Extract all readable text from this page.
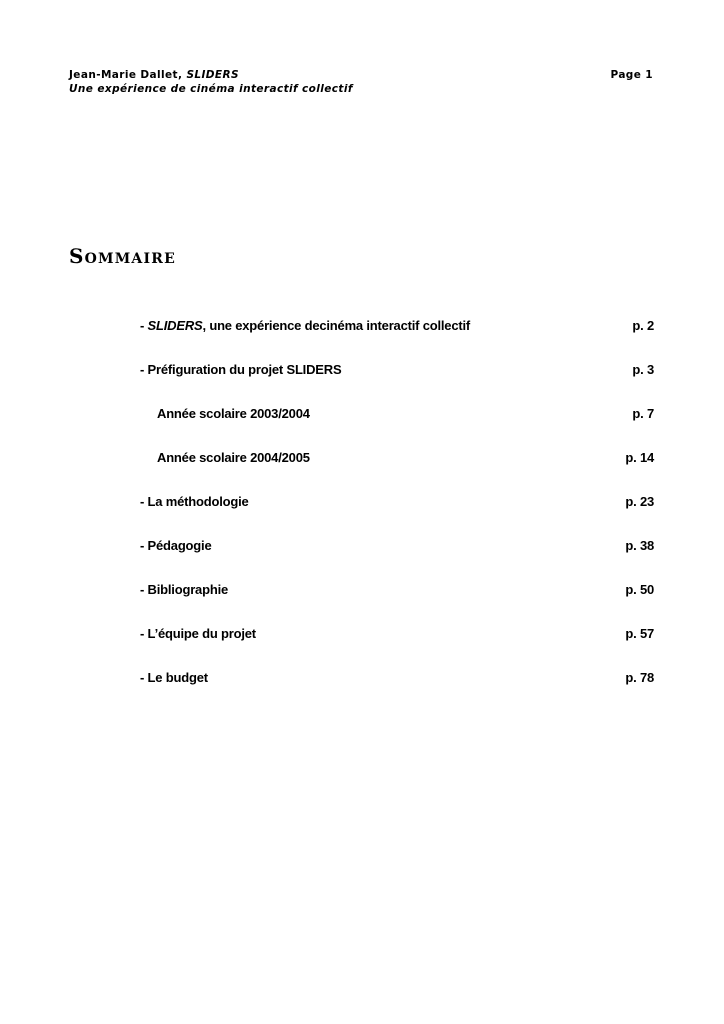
Jean-Marie Dallet, SLIDERS
Une expérience de cinéma interactif collectif
Page 1
Sommaire
- SLIDERS, une expérience decinéma interactif collectif	p. 2
- Préfiguration du projet SLIDERS	p. 3
Année scolaire 2003/2004	p. 7
Année scolaire 2004/2005	p. 14
- La méthodologie	p. 23
- Pédagogie	p. 38
- Bibliographie	p. 50
- L’équipe du projet	p. 57
- Le budget	p. 78
